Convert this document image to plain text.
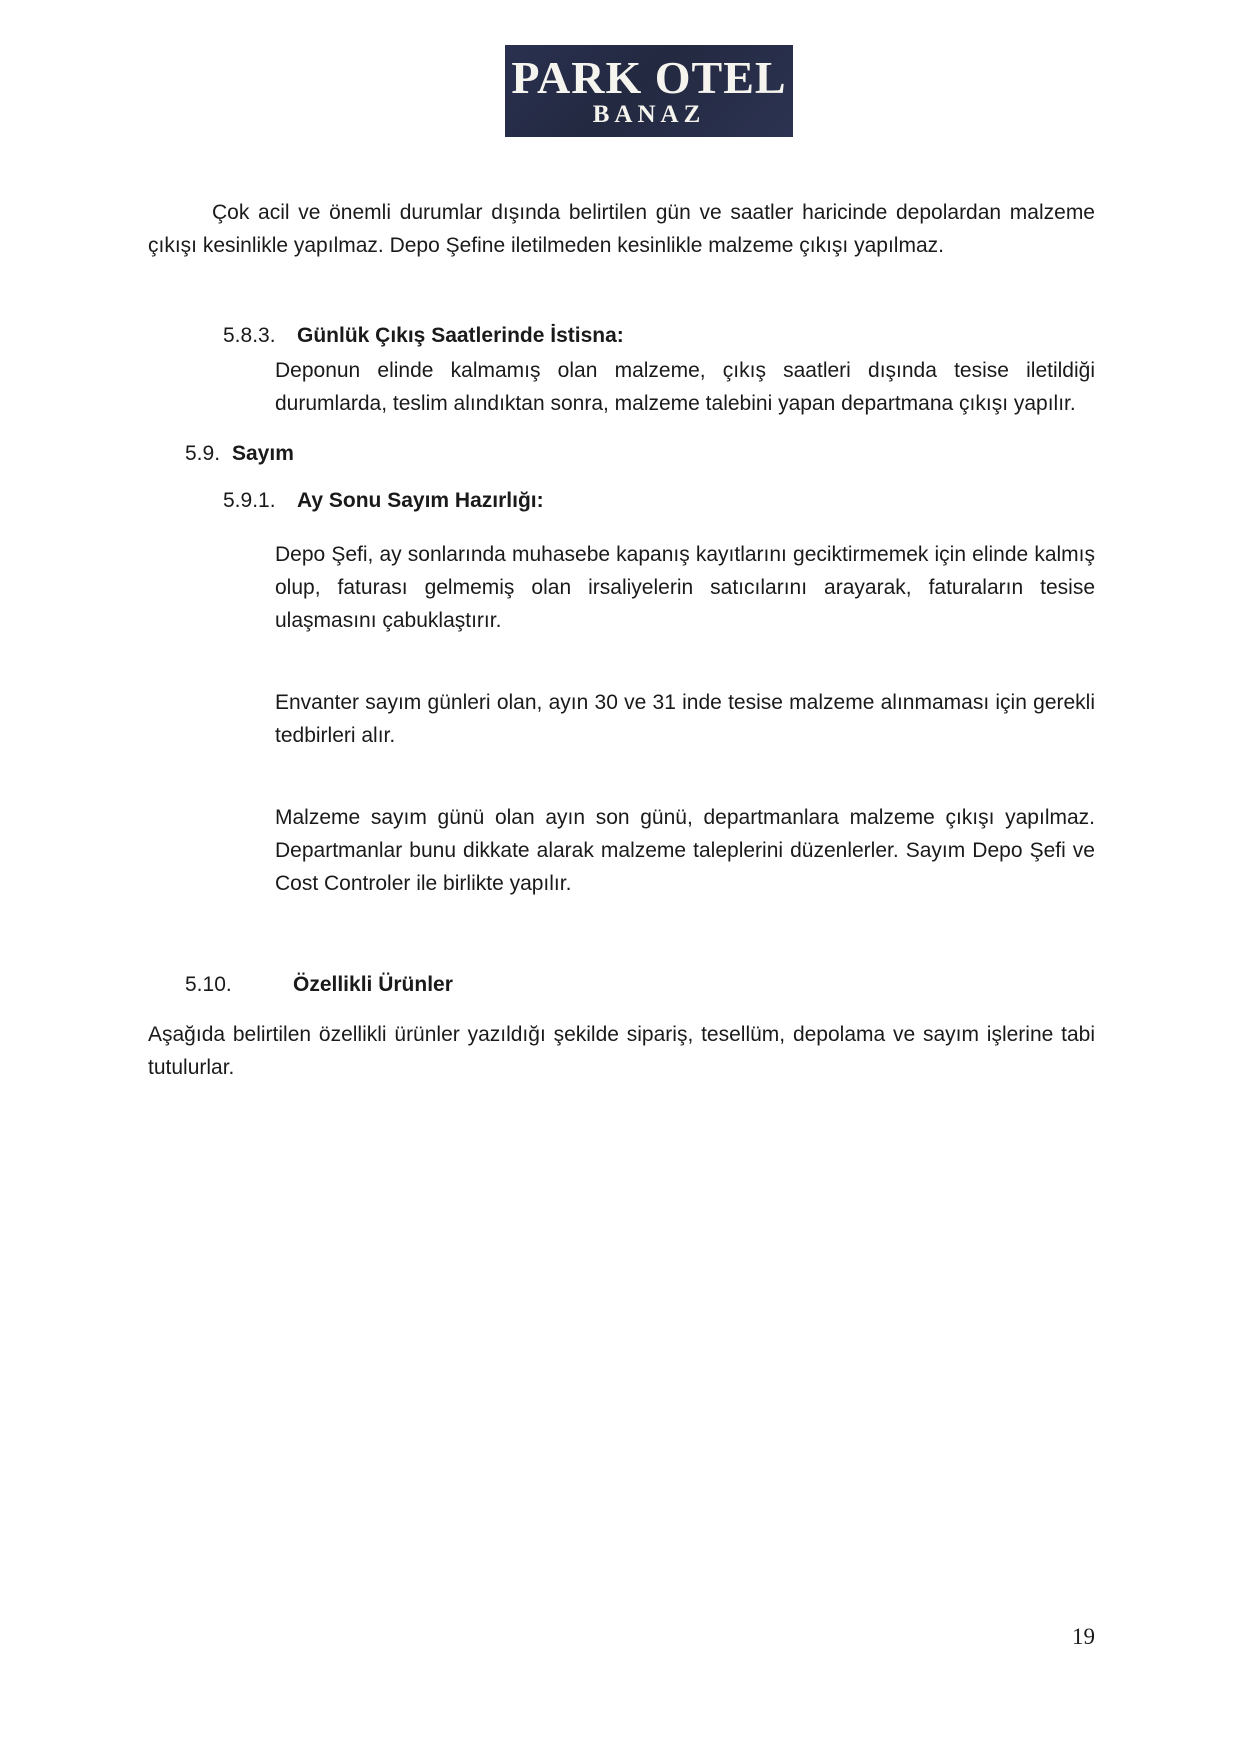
PARK OTEL
BANAZ

Çok acil ve önemli durumlar dışında belirtilen gün ve saatler haricinde depolardan malzeme çıkışı kesinlikle yapılmaz. Depo Şefine iletilmeden kesinlikle malzeme çıkışı yapılmaz.

5.8.3.	Günlük Çıkış Saatlerinde İstisna:

Deponun elinde kalmamış olan malzeme, çıkış saatleri dışında tesise iletildiği durumlarda, teslim alındıktan sonra, malzeme talebini yapan departmana çıkışı yapılır.

5.9. Sayım
5.9.1.	Ay Sonu Sayım Hazırlığı:

Depo Şefi, ay sonlarında muhasebe kapanış kayıtlarını geciktirmemek için elinde kalmış olup, faturası gelmemiş olan irsaliyelerin satıcılarını arayarak, faturaların tesise ulaşmasını çabuklaştırır.

Envanter sayım günleri olan, ayın 30 ve 31 inde tesise malzeme alınmaması için gerekli tedbirleri alır.

Malzeme sayım günü olan ayın son günü, departmanlara malzeme çıkışı yapılmaz. Departmanlar bunu dikkate alarak malzeme taleplerini düzenlerler. Sayım Depo Şefi ve Cost Controler ile birlikte yapılır.

5.10.	Özellikli Ürünler

Aşağıda belirtilen özellikli ürünler yazıldığı şekilde sipariş, tesellüm, depolama ve sayım işlerine tabi tutulurlar.

19
